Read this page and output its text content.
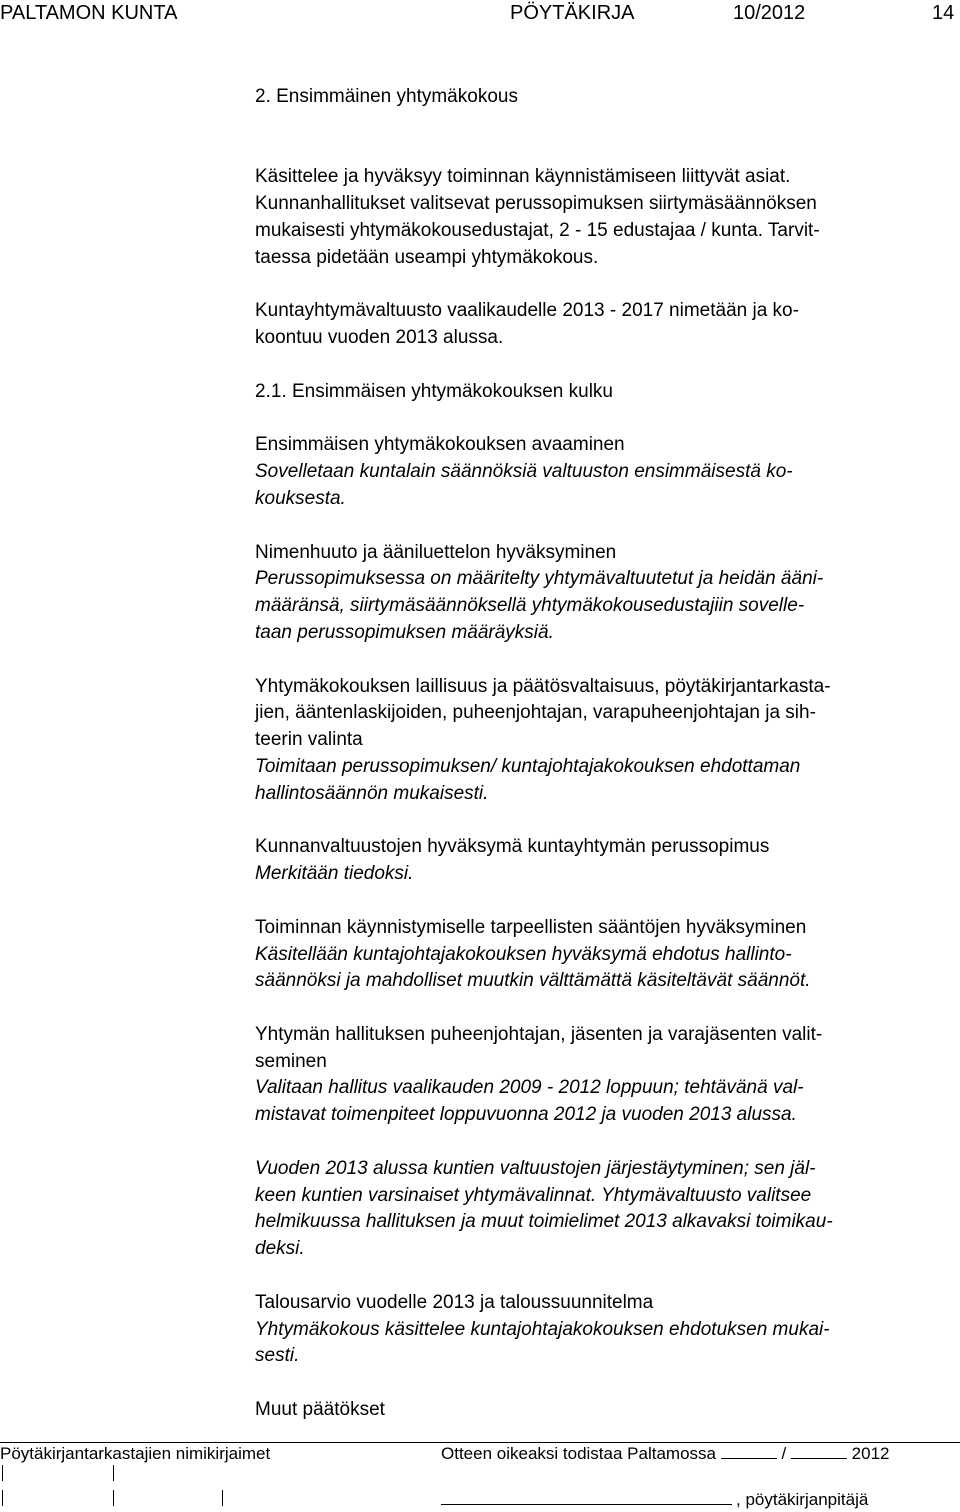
PALTAMON KUNTA	PÖYTÄKIRJA	10/2012	14

2. Ensimmäinen yhtymäkokous

Käsittelee ja hyväksyy toiminnan käynnistämiseen liittyvät asiat.

Kunnanhallitukset valitsevat perussopimuksen siirtymäsäännöksen

mukaisesti yhtymäkokousedustajat, 2 - 15 edustajaa / kunta. Tarvit-

taessa pidetään useampi yhtymäkokous.

Kuntayhtymävaltuusto vaalikaudelle 2013 - 2017 nimetään ja ko-

koontuu vuoden 2013 alussa.

2.1. Ensimmäisen yhtymäkokouksen kulku

Ensimmäisen yhtymäkokouksen avaaminen

Sovelletaan kuntalain säännöksiä valtuuston ensimmäisestä ko-

kouksesta.

Nimenhuuto ja ääniluettelon hyväksyminen

Perussopimuksessa on määritelty yhtymävaltuutetut ja heidän ääni-

määränsä, siirtymäsäännöksellä yhtymäkokousedustajiin sovelle-

taan perussopimuksen määräyksiä.

Yhtymäkokouksen laillisuus ja päätösvaltaisuus, pöytäkirjantarkasta-

jien, ääntenlaskijoiden, puheenjohtajan, varapuheenjohtajan ja sih-

teerin valinta

Toimitaan perussopimuksen/ kuntajohtajakokouksen ehdottaman

hallintosäännön mukaisesti.

Kunnanvaltuustojen hyväksymä kuntayhtymän perussopimus

Merkitään tiedoksi.

Toiminnan käynnistymiselle tarpeellisten sääntöjen hyväksyminen

Käsitellään kuntajohtajakokouksen hyväksymä ehdotus hallinto-

säännöksi ja mahdolliset muutkin välttämättä käsiteltävät säännöt.

Yhtymän hallituksen puheenjohtajan, jäsenten ja varajäsenten valit-

seminen

Valitaan hallitus vaalikauden 2009 - 2012 loppuun; tehtävänä val-

mistavat toimenpiteet loppuvuonna 2012 ja vuoden 2013 alussa.

Vuoden 2013 alussa kuntien valtuustojen järjestäytyminen; sen jäl-

keen kuntien varsinaiset yhtymävalinnat. Yhtymävaltuusto valitsee

helmikuussa hallituksen ja muut toimielimet 2013 alkavaksi toimikau-

deksi.

Talousarvio vuodelle 2013 ja taloussuunnitelma

Yhtymäkokous käsittelee kuntajohtajakokouksen ehdotuksen mukai-

sesti.

Muut päätökset

Pöytäkirjantarkastajien nimikirjaimet	Otteen oikeaksi todistaa Paltamossa	/	2012
, pöytäkirjanpitäjä
